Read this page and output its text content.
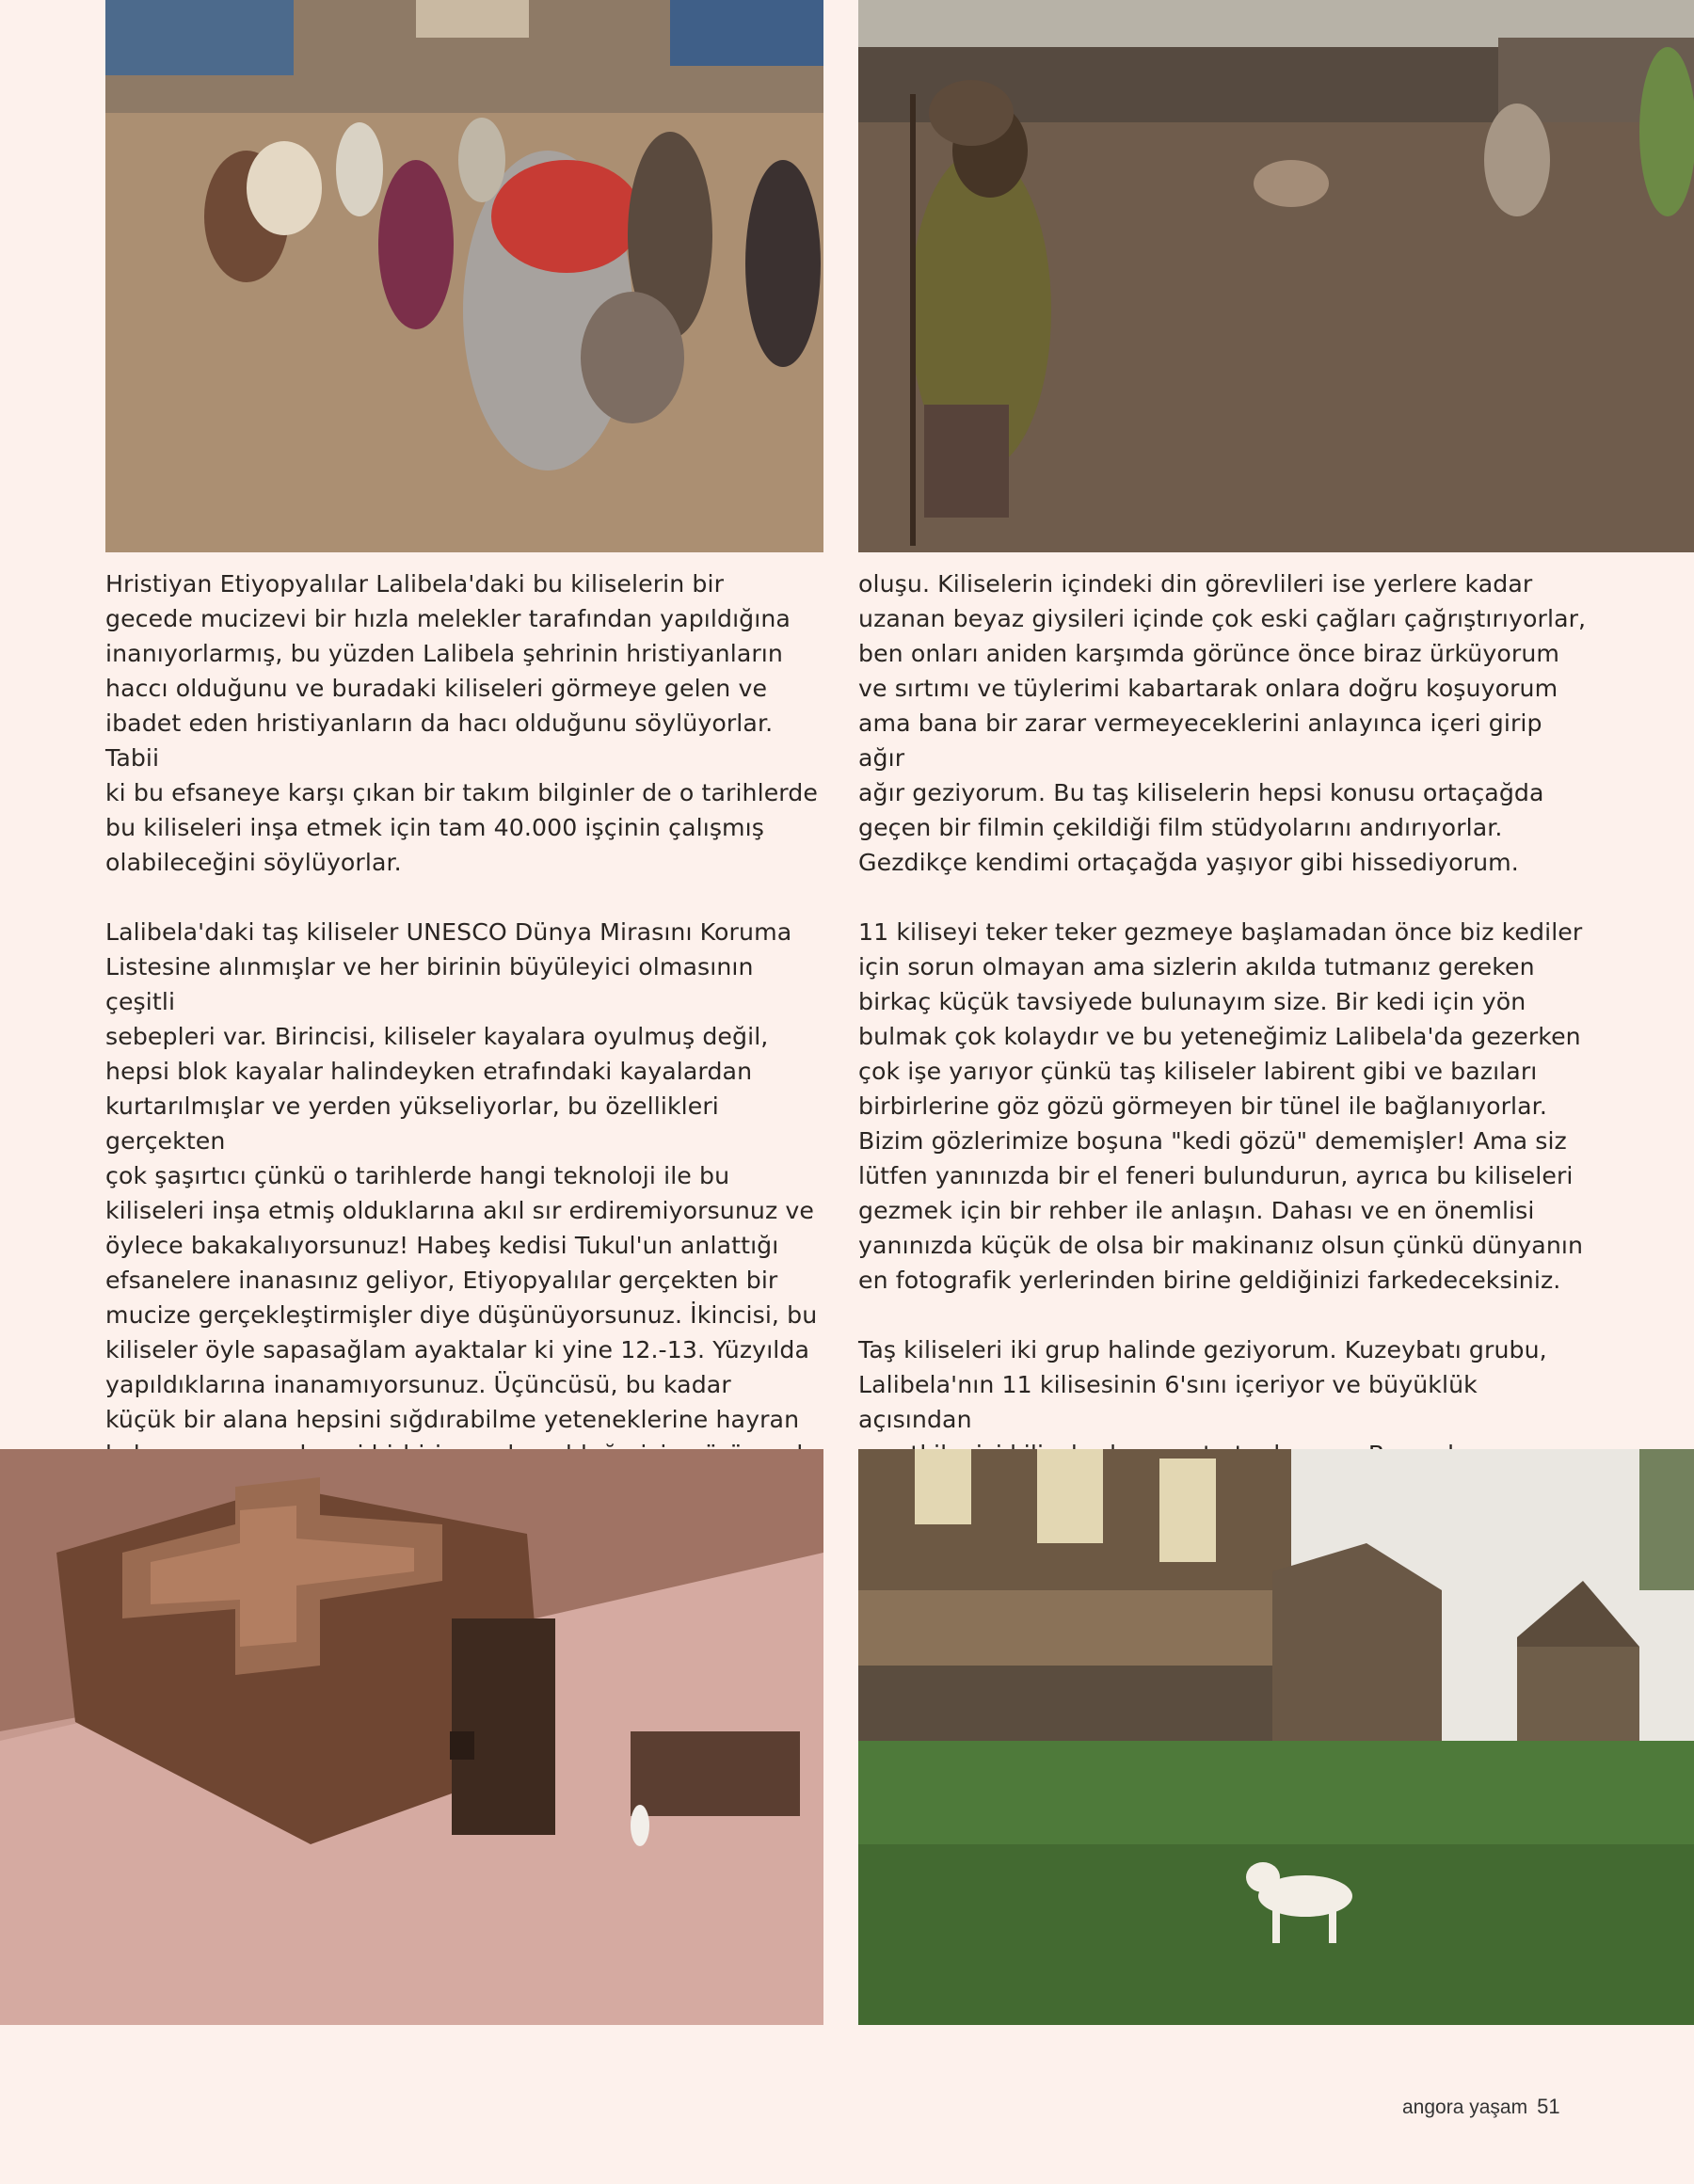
Hristiyan Etiyopyalılar Lalibela'daki bu kiliselerin bir
gecede mucizevi bir hızla melekler tarafından yapıldığına
inanıyorlarmış, bu yüzden Lalibela şehrinin hristiyanların
haccı olduğunu ve buradaki kiliseleri görmeye gelen ve
ibadet eden hristiyanların da hacı olduğunu söylüyorlar. Tabii
ki bu efsaneye karşı çıkan bir takım bilginler de o tarihlerde
bu kiliseleri inşa etmek için tam 40.000 işçinin çalışmış
olabileceğini söylüyorlar.

Lalibela'daki taş kiliseler UNESCO Dünya Mirasını Koruma
Listesine alınmışlar ve her birinin büyüleyici olmasının çeşitli
sebepleri var. Birincisi, kiliseler kayalara oyulmuş değil,
hepsi blok kayalar halindeyken etrafındaki kayalardan
kurtarılmışlar ve yerden yükseliyorlar, bu özellikleri gerçekten
çok şaşırtıcı çünkü o tarihlerde hangi teknoloji ile bu
kiliseleri inşa etmiş olduklarına akıl sır erdiremiyorsunuz ve
öylece bakakalıyorsunuz! Habeş kedisi Tukul'un anlattığı
efsanelere inanasınız geliyor, Etiyopyalılar gerçekten bir
mucize gerçekleştirmişler diye düşünüyorsunuz. İkincisi, bu
kiliseler öyle sapasağlam ayaktalar ki yine 12.-13. Yüzyılda
yapıldıklarına inanamıyorsunuz. Üçüncüsü, bu kadar
küçük bir alana hepsini sığdırabilme yeteneklerine hayran

oluşu. Kiliselerin içindeki din görevlileri ise yerlere kadar
uzanan beyaz giysileri içinde çok eski çağları çağrıştırıyorlar,
ben onları aniden karşımda görünce önce biraz ürküyorum
ve sırtımı ve tüylerimi kabartarak onlara doğru koşuyorum
ama bana bir zarar vermeyeceklerini anlayınca içeri girip ağır
ağır geziyorum. Bu taş kiliselerin hepsi konusu ortaçağda
geçen bir filmin çekildiği film stüdyolarını andırıyorlar.
Gezdikçe kendimi ortaçağda yaşıyor gibi hissediyorum.

11 kiliseyi teker teker gezmeye başlamadan önce biz kediler
için sorun olmayan ama sizlerin akılda tutmanız gereken
birkaç küçük tavsiyede bulunayım size. Bir kedi için yön
bulmak çok kolaydır ve bu yeteneğimiz Lalibela'da gezerken
çok işe yarıyor çünkü taş kiliseler labirent gibi ve bazıları
birbirlerine göz gözü görmeyen bir tünel ile bağlanıyorlar.
Bizim gözlerimize boşuna "kedi gözü" dememişler! Ama siz
lütfen yanınızda bir el feneri bulundurun, ayrıca bu kiliseleri
gezmek için bir rehber ile anlaşın. Dahası ve en önemlisi
yanınızda küçük de olsa bir makinanız olsun çünkü dünyanın
en fotografik yerlerinden birine geldiğinizi farkedeceksiniz.

Taş kiliseleri iki grup halinde geziyorum. Kuzeybatı grubu,
Lalibela'nın 11 kilisesinin 6'sını içeriyor ve büyüklük açısından

angora yaşam 51
